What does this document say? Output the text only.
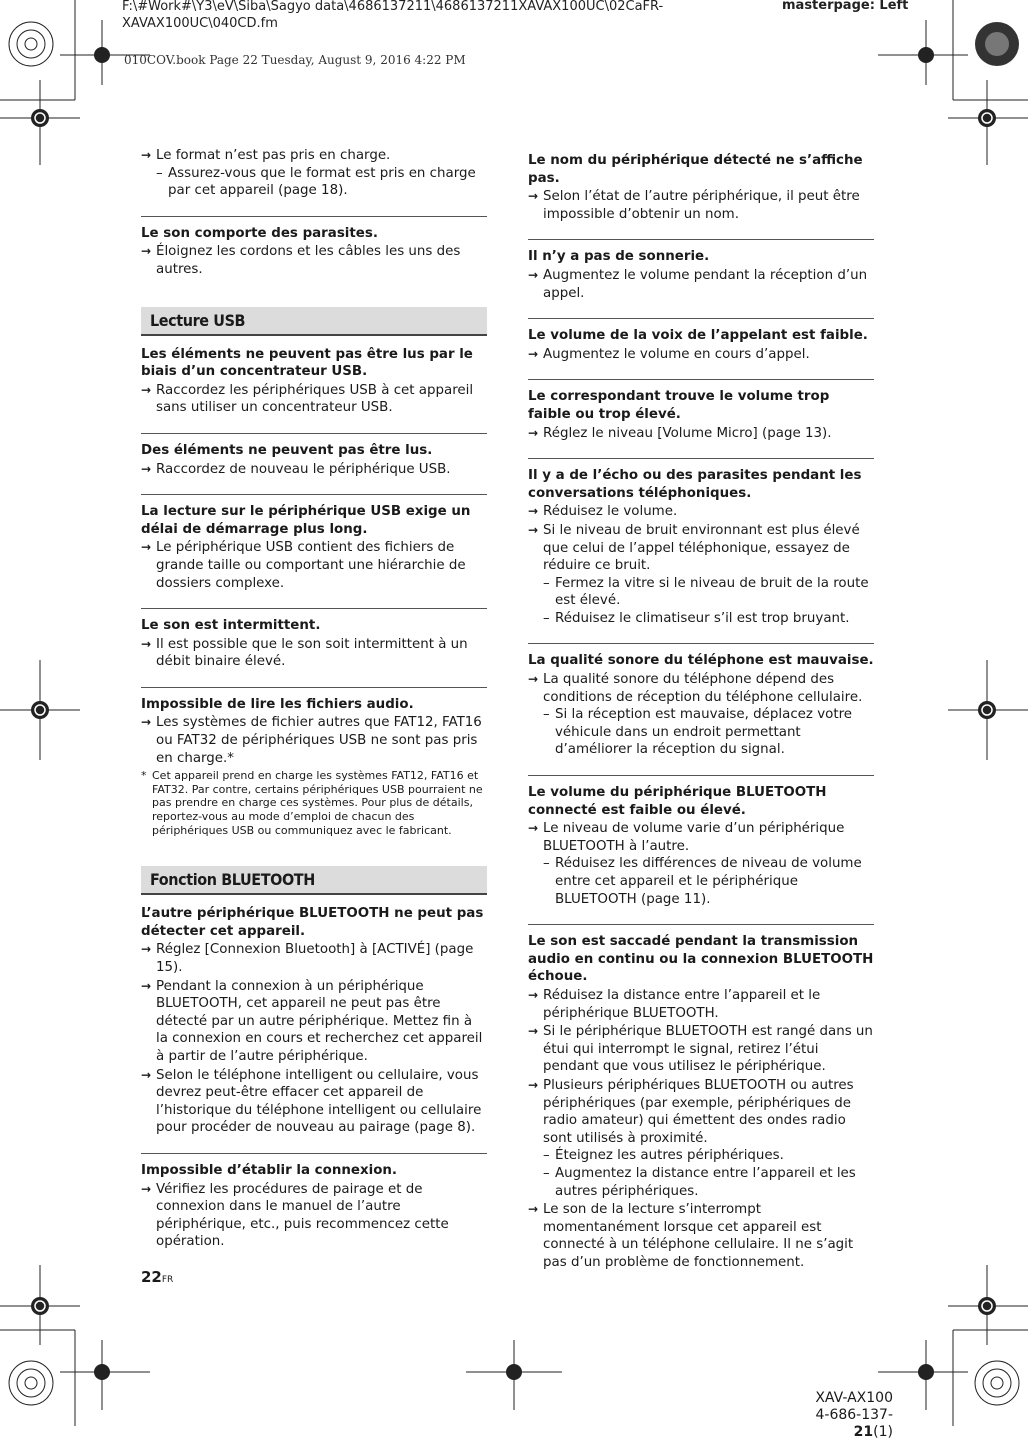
F:\#Work#\Y3\eV\Siba\Sagyo data\4686137211\4686137211XAVAX100UC\02CaFR-
XAVAX100UC\040CD.fm
masterpage: Left
010COV.book Page 22 Tuesday, August 9, 2016 4:22 PM

→ Le format n’est pas pris en charge.

– Assurez-vous que le format est pris en charge par cet appareil (page 18).

Le son comporte des parasites.

→ Éloignez les cordons et les câbles les uns des autres.

Lecture USB

Les éléments ne peuvent pas être lus par le biais d’un concentrateur USB.

→ Raccordez les périphériques USB à cet appareil sans utiliser un concentrateur USB.

Des éléments ne peuvent pas être lus.

→ Raccordez de nouveau le périphérique USB.

La lecture sur le périphérique USB exige un délai de démarrage plus long.

→ Le périphérique USB contient des fichiers de grande taille ou comportant une hiérarchie de dossiers complexe.

Le son est intermittent.

→ Il est possible que le son soit intermittent à un débit binaire élevé.

Impossible de lire les fichiers audio.

→ Les systèmes de fichier autres que FAT12, FAT16 ou FAT32 de périphériques USB ne sont pas pris en charge.*

* Cet appareil prend en charge les systèmes FAT12, FAT16 et FAT32. Par contre, certains périphériques USB pourraient ne pas prendre en charge ces systèmes. Pour plus de détails, reportez-vous au mode d’emploi de chacun des périphériques USB ou communiquez avec le fabricant.

Fonction BLUETOOTH

L’autre périphérique BLUETOOTH ne peut pas détecter cet appareil.

→ Réglez [Connexion Bluetooth] à [ACTIVÉ] (page 15).

→ Pendant la connexion à un périphérique BLUETOOTH, cet appareil ne peut pas être détecté par un autre périphérique. Mettez fin à la connexion en cours et recherchez cet appareil à partir de l’autre périphérique.

→ Selon le téléphone intelligent ou cellulaire, vous devrez peut-être effacer cet appareil de l’historique du téléphone intelligent ou cellulaire pour procéder de nouveau au pairage (page 8).

Impossible d’établir la connexion.

→ Vérifiez les procédures de pairage et de connexion dans le manuel de l’autre périphérique, etc., puis recommencez cette opération.

Le nom du périphérique détecté ne s’affiche pas.

→ Selon l’état de l’autre périphérique, il peut être impossible d’obtenir un nom.

Il n’y a pas de sonnerie.

→ Augmentez le volume pendant la réception d’un appel.

Le volume de la voix de l’appelant est faible.

→ Augmentez le volume en cours d’appel.

Le correspondant trouve le volume trop faible ou trop élevé.

→ Réglez le niveau [Volume Micro] (page 13).

Il y a de l’écho ou des parasites pendant les conversations téléphoniques.

→ Réduisez le volume.

→ Si le niveau de bruit environnant est plus élevé que celui de l’appel téléphonique, essayez de réduire ce bruit.

– Fermez la vitre si le niveau de bruit de la route est élevé.

– Réduisez le climatiseur s’il est trop bruyant.

La qualité sonore du téléphone est mauvaise.

→ La qualité sonore du téléphone dépend des conditions de réception du téléphone cellulaire.

– Si la réception est mauvaise, déplacez votre véhicule dans un endroit permettant d’améliorer la réception du signal.

Le volume du périphérique BLUETOOTH connecté est faible ou élevé.

→ Le niveau de volume varie d’un périphérique BLUETOOTH à l’autre.

– Réduisez les différences de niveau de volume entre cet appareil et le périphérique BLUETOOTH (page 11).

Le son est saccadé pendant la transmission audio en continu ou la connexion BLUETOOTH échoue.

→ Réduisez la distance entre l’appareil et le périphérique BLUETOOTH.

→ Si le périphérique BLUETOOTH est rangé dans un étui qui interrompt le signal, retirez l’étui pendant que vous utilisez le périphérique.

→ Plusieurs périphériques BLUETOOTH ou autres périphériques (par exemple, périphériques de radio amateur) qui émettent des ondes radio sont utilisés à proximité.

– Éteignez les autres périphériques.

– Augmentez la distance entre l’appareil et les autres périphériques.

→ Le son de la lecture s’interrompt momentanément lorsque cet appareil est connecté à un téléphone cellulaire. Il ne s’agit pas d’un problème de fonctionnement.

22FR
XAV-AX100
4-686-137-21(1)
